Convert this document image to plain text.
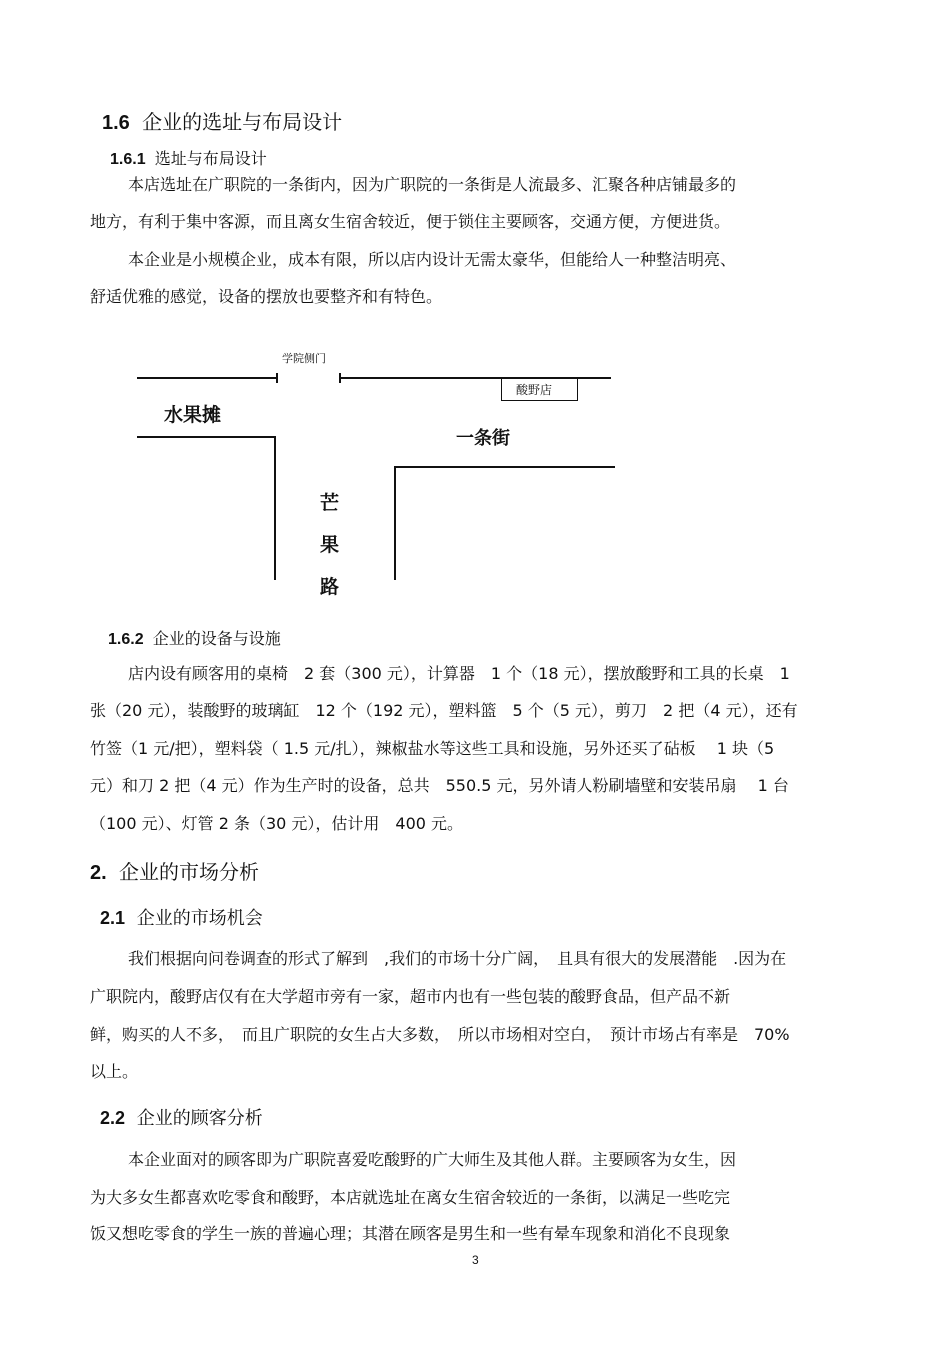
1.6 企业的选址与布局设计
1.6.1 选址与布局设计
本店选址在广职院的一条街内，因为广职院的一条街是人流最多、汇聚各种店铺最多的
地方，有利于集中客源，而且离女生宿舍较近，便于锁住主要顾客，交通方便，方便进货。
本企业是小规模企业，成本有限，所以店内设计无需太豪华，但能给人一种整洁明亮、
舒适优雅的感觉，设备的摆放也要整齐和有特色。
学院侧门
酸野店
水果摊
一条街
芒
果
路
1.6.2 企业的设备与设施
店内设有顾客用的桌椅　2 套（300 元），计算器　1 个（18 元），摆放酸野和工具的长桌　1
张（20 元），装酸野的玻璃缸　12 个（192 元），塑料篮　5 个（5 元），剪刀　2 把（4 元），还有
竹签（1 元/把），塑料袋（ 1.5 元/扎），辣椒盐水等这些工具和设施，另外还买了砧板　 1 块（5
元）和刀 2 把（4 元）作为生产时的设备，总共　550.5 元，另外请人粉刷墙壁和安装吊扇　 1 台
（100 元）、灯管 2 条（30 元），估计用　400 元。
2. 企业的市场分析
2.1 企业的市场机会
我们根据向问卷调查的形式了解到　,我们的市场十分广阔，　且具有很大的发展潜能　.因为在
广职院内，酸野店仅有在大学超市旁有一家，超市内也有一些包装的酸野食品，但产品不新
鲜，购买的人不多，　而且广职院的女生占大多数，　所以市场相对空白，　预计市场占有率是　70%
以上。
2.2 企业的顾客分析
本企业面对的顾客即为广职院喜爱吃酸野的广大师生及其他人群。主要顾客为女生，因
为大多女生都喜欢吃零食和酸野，本店就选址在离女生宿舍较近的一条街，以满足一些吃完
饭又想吃零食的学生一族的普遍心理；其潜在顾客是男生和一些有晕车现象和消化不良现象
3
